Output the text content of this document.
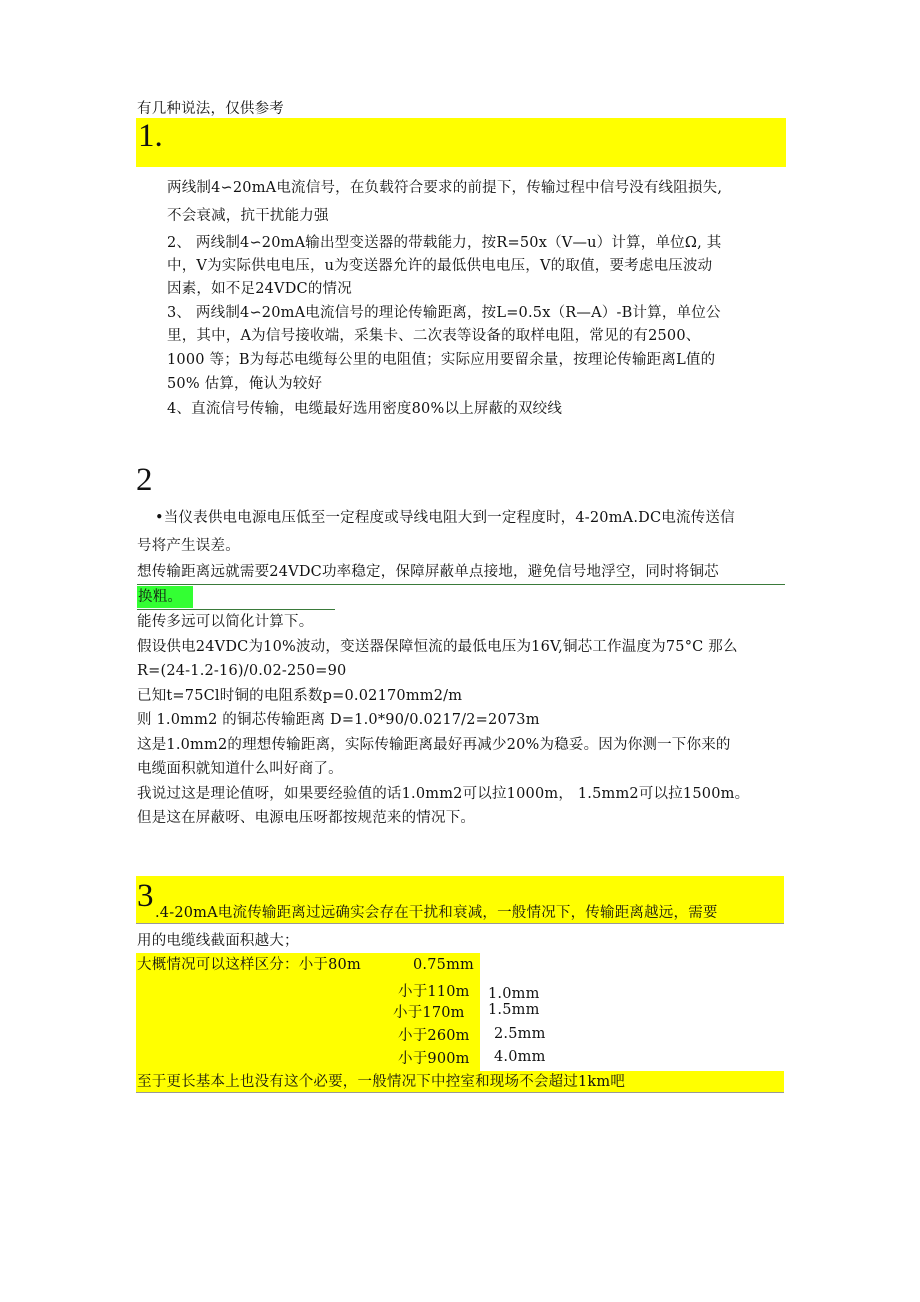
有几种说法，仅供参考
1.
两线制4∽20mA电流信号，在负载符合要求的前提下，传输过程中信号没有线阻损失,
不会衰减，抗干扰能力强
2、 两线制4∽20mA输出型变送器的带载能力，按R=50x（V—u）计算，单位Ω, 其
中，V为实际供电电压，u为变送器允许的最低供电电压，V的取值，要考虑电压波动
因素，如不足24VDC的情况
3、 两线制4∽20mA电流信号的理论传输距离，按L=0.5x（R—A）-B计算，单位公
里，其中，A为信号接收端，采集卡、二次表等设备的取样电阻，常见的有2500、
1000 等；B为每芯电缆每公里的电阻值；实际应用要留余量，按理论传输距离L值的
50% 估算，俺认为较好
4、直流信号传输，电缆最好选用密度80%以上屏蔽的双绞线
2
•当仪表供电电源电压低至一定程度或导线电阻大到一定程度时，4-20mA.DC电流传送信
号将产生误差。
想传输距离远就需要24VDC功率稳定，保障屏蔽单点接地，避免信号地浮空，同时将铜芯
换粗。
能传多远可以简化计算下。
假设供电24VDC为10%波动，变送器保障恒流的最低电压为16V,铜芯工作温度为75°C 那么
R=(24-1.2-16)/0.02-250=90
已知t=75Cl时铜的电阻系数p=0.02170mm2/m
则 1.0mm2 的铜芯传输距离 D=1.0*90/0.0217/2=2073m
这是1.0mm2的理想传输距离，实际传输距离最好再减少20%为稳妥。因为你测一下你来的
电缆面积就知道什么叫好商了。
我说过这是理论值呀，如果要经验值的话1.0mm2可以拉1000m， 1.5mm2可以拉1500m。
但是这在屏蔽呀、电源电压呀都按规范来的情况下。
3 .4-20mA电流传输距离过远确实会存在干扰和衰减，一般情况下，传输距离越远，需要
用的电缆线截面积越大；
大概情况可以这样区分：小于80m	0.75mm
小于110m 1.0mm
小于170m 1.5mm
小于260m 2.5mm
小于900m 4.0mm
至于更长基本上也没有这个必要，一般情况下中控室和现场不会超过1km吧
